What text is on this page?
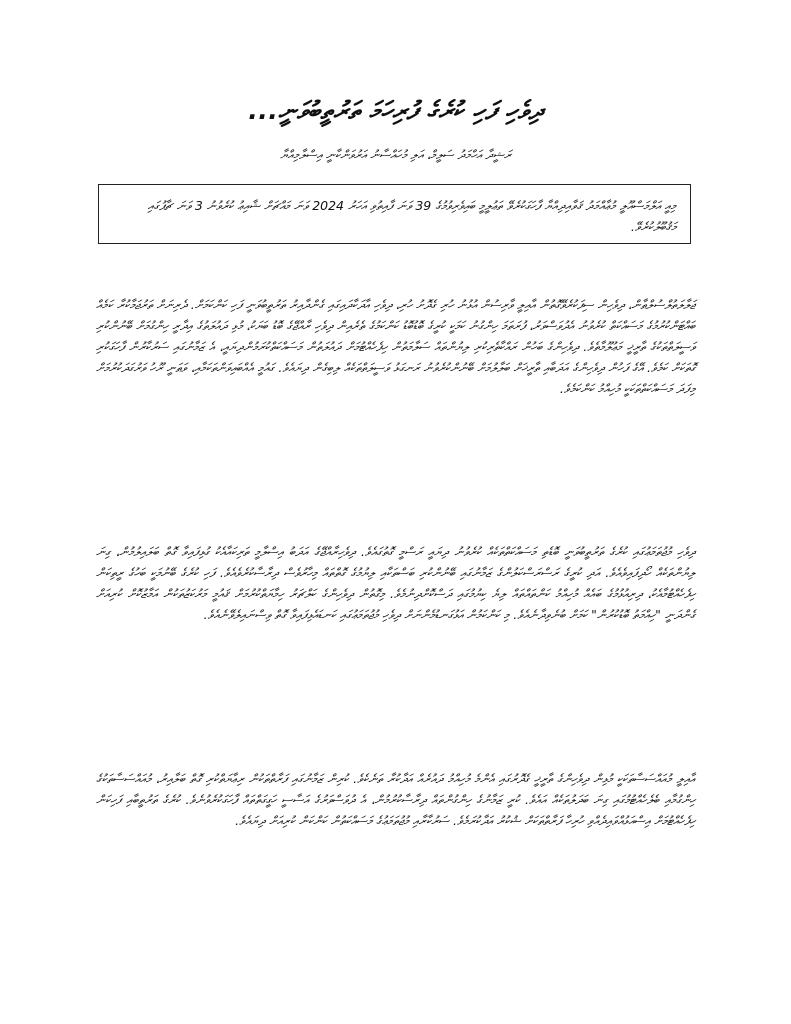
ދިވެހި ފަހި ކުރެގެ ފުރިހަމަ ތަރުތީބުވަނީ...
ރަޝީދާ އަހްމަދު ސަލީމް، އަލި މުހައްސާނު އަރުވަންކާނީ އިސްލާމިއްޔާ
މިއީ އަލްމަސްއޫލީ މުޢާއްމަދު ޤަވާއިދިއްޔާ ފާހަގަކުރެވޭ ތަޢުލީމީ ބައިވެރިވުމުގެ 39 ވަނަ ފާއިތުވި އަހަރު 2024 ވަނަ މައްޗަށް ޝާއިޢު ކުރެވުނު 3 ވަނަ ޗާޕުގައި މަޤުބޫލުކުރެވޭ.
ޖަލާލަތުލްސުލްޠާން، ދިވެހިން ސިފަކުރެވޭގޮތުން އާއިލީ ވާރިސުން އުޅުނު ހުރި ގެދޮށު ހުރި، ދިވެހި އާދަކާދައިގައި ގެންދާއިރު ތަރުތީބުވަނީ ފަހި ކަންކަމަށް. ދެރިނަށް ތަރުޖަމާކުރާ ކަމެއް ބައްޓަންކުރުމުގެ މަސައްކަތް ކުރެވުނު އެދުވަސްވަރު، ފުރަތަމަ ހިންގުނު ކަމަކީ ކުރީގެ ބޮޑުބޮޑު ކަންކަމުގެ ތެރެއިން ދިވެހި ރާއްޖޭގެ ބޮޑު ބަޔަކު، މުޅި ދައުލަތުގެ އިދާރީ ހިންގުމަށް ބޭނުންކުރި ވަސީލަތްތަކުގެ ތާރީޚީ މަޢުލޫމާތެވެ. ދިވެހިންގެ ބަހުން ރައްކާތެރިކުރި ލިޔުންތައް ސަލާމަތުން ހިފެހެއްޓުމަށް ދައުލަތުން މަސައްކަތްކުރަމުންދިޔައީ، އެ ޒަމާނުގައި ސަރުކާރުން ފާހަގަކުރި ގޮތަކަށް ކަމެވެ. އޭގެ ފަހުން ދިވެހިންގެ އަދަބާއި ތާރީޚަށް ބަލާލުމަށް ބޭނުންކުރެވުނު ރަނގަޅު ވަސީލަތްތަކެއް ލިބިގެން ދިޔައެވެ. ގައުމީ އެއްބައިވަންތަކަމާއި، ވަޠަނީ ރޫހު ވަރުގަދަކުރުމަށް މިފަދަ މަސައްކަތްތަކަކީ މުހިއްމު ކަންކަމެވެ.
ދިވެހި މުޖުތަމަޢުގައި ކުރެގެ ތަރުތީބުވަނީ ބޮޑެތި މަސައްކަތްތަކެއް ކުރެވުނު ދިޔައީ ރަސްމީ ގޮތުގައެވެ. ދިވެހިރާއްޖޭގެ އަދަބު އިސްލާމީ ތަރިކައާއެކު ގުޅިފައިވާ ގޮތް ބަލައިލުމުން، ގިނަ ލިޔުންތަކެއް ހޯދިފައިވެއެވެ. އަދި ކުރީގެ ރަސްރަސްކަލުންގެ ޒަމާނުގައި ބޭނުންކުރި ބަސްތަކާއި ލިޔުމުގެ ގޮތްތައް މިހާރުވެސް ދިރާސާކުރެވެއެވެ. ފަހި ކުރެގެ ބޭނުމަކީ ބަހުގެ ރީތިކަން ހިފެހެއްޓުމާއެކު، ދިރިއުޅުމުގެ ބައެއް މުހިއްމު ކަންތައްތައް ލިޔެ ކިޔުމުގައި ދަސްކޮށްދިނުމެވެ. މިގޮތުން ދިވެހިންގެ ކަލްޗަރު ހިމާޔަތްކުރުމަށް ޤައުމީ މަރުކަޒުތަކުން އަމާޒުކޮށް ކުރިއަށް ގެންދަނީ "ހިއްމަތު ބޮޑުކުރުން" ކަމަށް ބުނެވިދާނެއެވެ. މި ކަންކަމުން އަޅުގަނޑުމެންނަށް ދިވެހި މުޖުތަމަޢުގައި ކަނޑައެޅިފައިވާ ގޮތް ވިސްނައިލެވޭނެއެވެ.
އާއިލީ މުއައްސަސާތަކަކީ މުޅިން ދިވެހިންގެ ތާރީޚީ ގެދޮރުގައި އެންމެ މުހިއްމު ދައުރެއް އަދާކުރާ ތަނެކެވެ. ކުރިން ޒަމާނުގައި ފަރާތްތަކުން ރިޢާޔަތްކުރި ގޮތް ބަލާއިރު، މުއައްސަސާތަކުގެ ހިންގުމާއި ބެލެހެއްޓުމުގައި ގިނަ ބަދަލުތަކެއް އައެވެ. ކުރީ ޒަމާނުގެ ހިންގުންތައް ދިރާސާކުރުމުން، އެ ދުވަސްވަރުގެ އަސާސީ ހަގީގަތްތައް ފާހަގަކުރެވުނެވެ. ކުރެގެ ތަރުތީބާއި ފަހިކަން ހިފެހެއްޓުމަށް އިސްއަޅުއްވައިދެއްވި ހުރިހާ ފަރާތްތަކަށް ޝުކުރު އަދާކުރަމެވެ. ސަރުކާރާއި މުޖުތަމަޢުގެ މަސައްކަތުން ކަންކަން ކުރިއަށް ދިޔައެވެ.
